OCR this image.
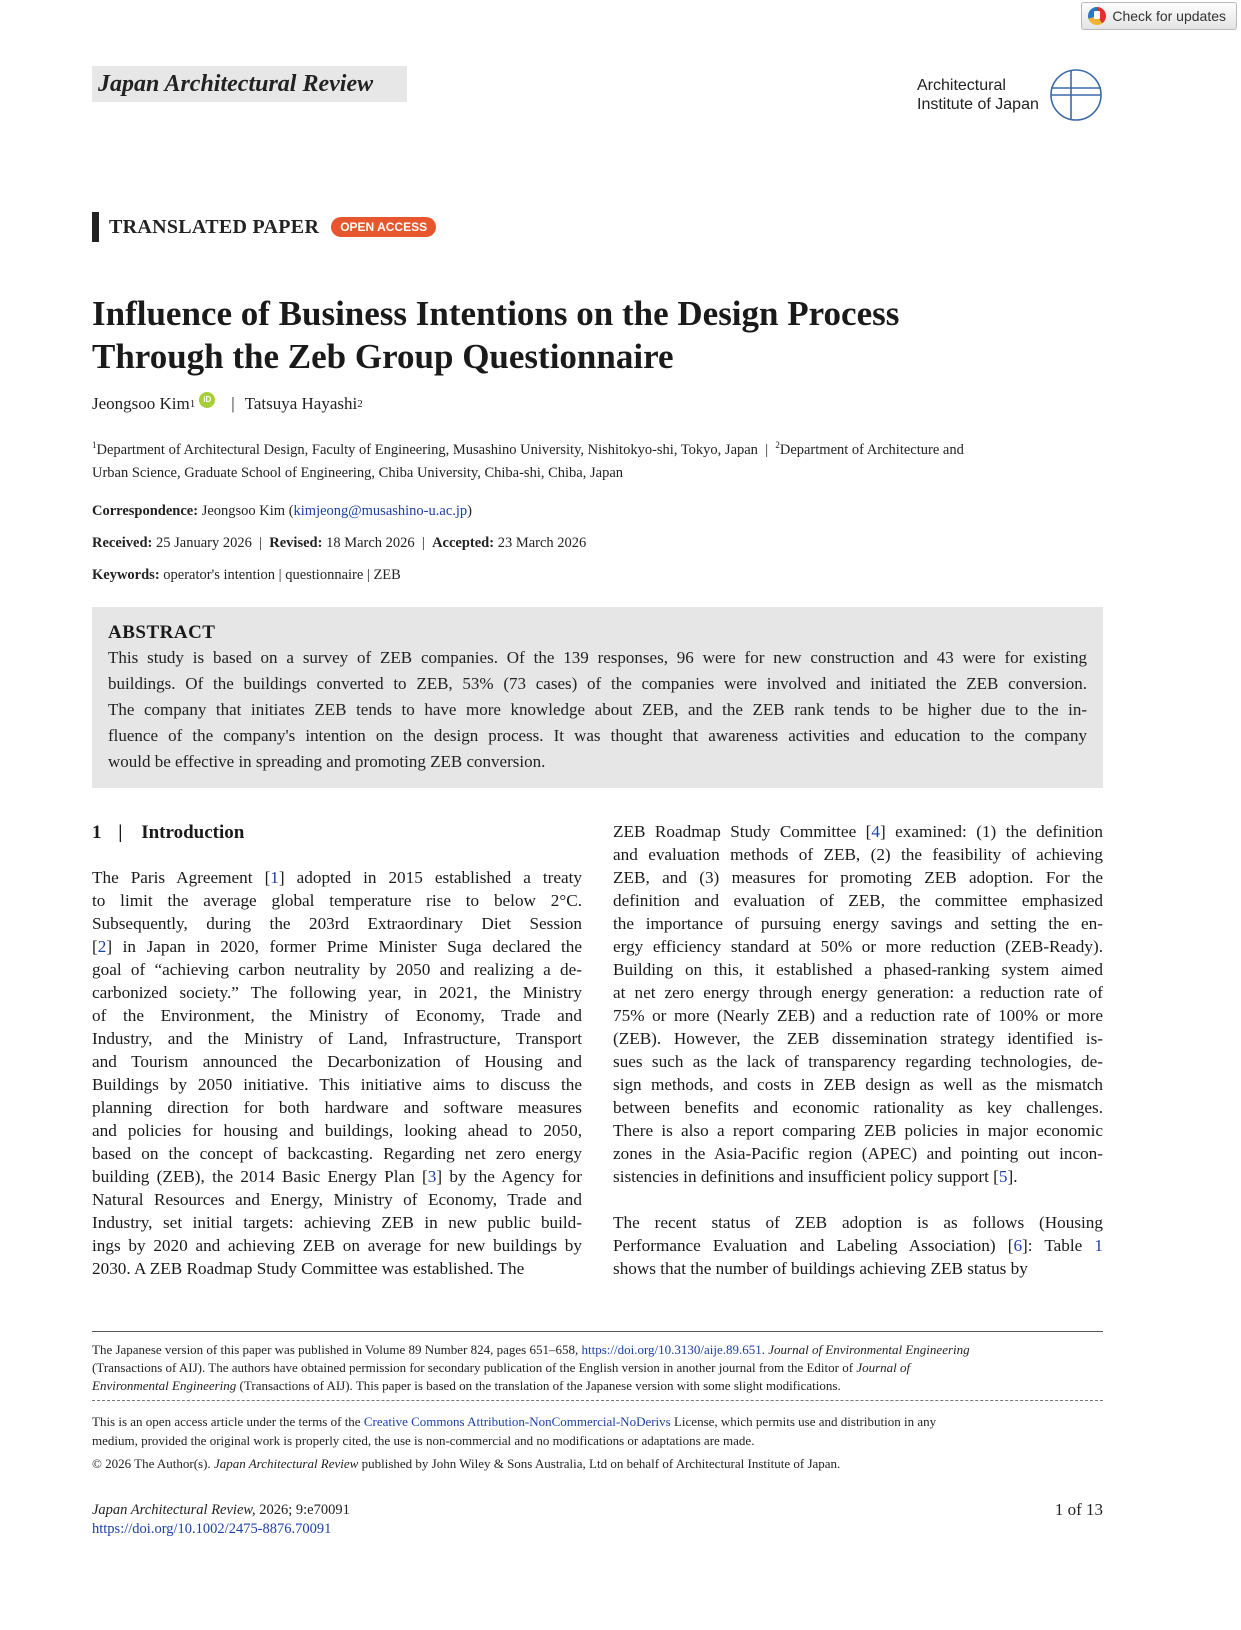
Check for updates
Japan Architectural Review	Architectural
Institute of Japan
TRANSLATED PAPER	OPEN ACCESS
Influence of Business Intentions on the Design Process
Through the Zeb Group Questionnaire
Jeongsoo Kim 1	iD | Tatsuya Hayashi 2
$^1$Department of Architectural Design, Faculty of Engineering, Musashino University, Nishitokyo-shi, Tokyo, Japan | $^2$Department of Architecture and
Urban Science, Graduate School of Engineering, Chiba University, Chiba-shi, Chiba, Japan
Correspondence: Jeongsoo Kim (kimjeong@musashino-u.ac.jp)
Received: 25 January 2026 | Revised: 18 March 2026 | Accepted: 23 March 2026
Keywords: operator's intention | questionnaire | ZEB
ABSTRACT
This study is based on a survey of ZEB companies. Of the 139 responses, 96 were for new construction and 43 were for existing
buildings. Of the buildings converted to ZEB, 53% (73 cases) of the companies were involved and initiated the ZEB conversion.
The company that initiates ZEB tends to have more knowledge about ZEB, and the ZEB rank tends to be higher due to the in-
fluence of the company's intention on the design process. It was thought that awareness activities and education to the company
would be effective in spreading and promoting ZEB conversion.
1 | Introduction
The Paris Agreement [1] adopted in 2015 established a treaty
to limit the average global temperature rise to below 2°C.
Subsequently, during the 203rd Extraordinary Diet Session
[2] in Japan in 2020, former Prime Minister Suga declared the
goal of “achieving carbon neutrality by 2050 and realizing a de-
carbonized society.” The following year, in 2021, the Ministry
of the Environment, the Ministry of Economy, Trade and
Industry, and the Ministry of Land, Infrastructure, Transport
and Tourism announced the Decarbonization of Housing and
Buildings by 2050 initiative. This initiative aims to discuss the
planning direction for both hardware and software measures
and policies for housing and buildings, looking ahead to 2050,
based on the concept of backcasting. Regarding net zero energy
building (ZEB), the 2014 Basic Energy Plan [3] by the Agency for
Natural Resources and Energy, Ministry of Economy, Trade and
Industry, set initial targets: achieving ZEB in new public build-
ings by 2020 and achieving ZEB on average for new buildings by
2030. A ZEB Roadmap Study Committee was established. The
ZEB Roadmap Study Committee [4] examined: (1) the definition
and evaluation methods of ZEB, (2) the feasibility of achieving
ZEB, and (3) measures for promoting ZEB adoption. For the
definition and evaluation of ZEB, the committee emphasized
the importance of pursuing energy savings and setting the en-
ergy efficiency standard at 50% or more reduction (ZEB-Ready).
Building on this, it established a phased-ranking system aimed
at net zero energy through energy generation: a reduction rate of
75% or more (Nearly ZEB) and a reduction rate of 100% or more
(ZEB). However, the ZEB dissemination strategy identified is-
sues such as the lack of transparency regarding technologies, de-
sign methods, and costs in ZEB design as well as the mismatch
between benefits and economic rationality as key challenges.
There is also a report comparing ZEB policies in major economic
zones in the Asia-Pacific region (APEC) and pointing out incon-
sistencies in definitions and insufficient policy support [5].
The recent status of ZEB adoption is as follows (Housing
Performance Evaluation and Labeling Association) [6]: Table 1
shows that the number of buildings achieving ZEB status by
The Japanese version of this paper was published in Volume 89 Number 824, pages 651–658, https://doi.org/10.3130/aije.89.651. Journal of Environmental Engineering
(Transactions of AIJ). The authors have obtained permission for secondary publication of the English version in another journal from the Editor of Journal of
Environmental Engineering (Transactions of AIJ). This paper is based on the translation of the Japanese version with some slight modifications.
This is an open access article under the terms of the Creative Commons Attribution-NonCommercial-NoDerivs License, which permits use and distribution in any
medium, provided the original work is properly cited, the use is non-commercial and no modifications or adaptations are made.
© 2026 The Author(s). Japan Architectural Review published by John Wiley & Sons Australia, Ltd on behalf of Architectural Institute of Japan.
Japan Architectural Review, 2026; 9:e70091
https://doi.org/10.1002/2475-8876.70091
1 of 13
